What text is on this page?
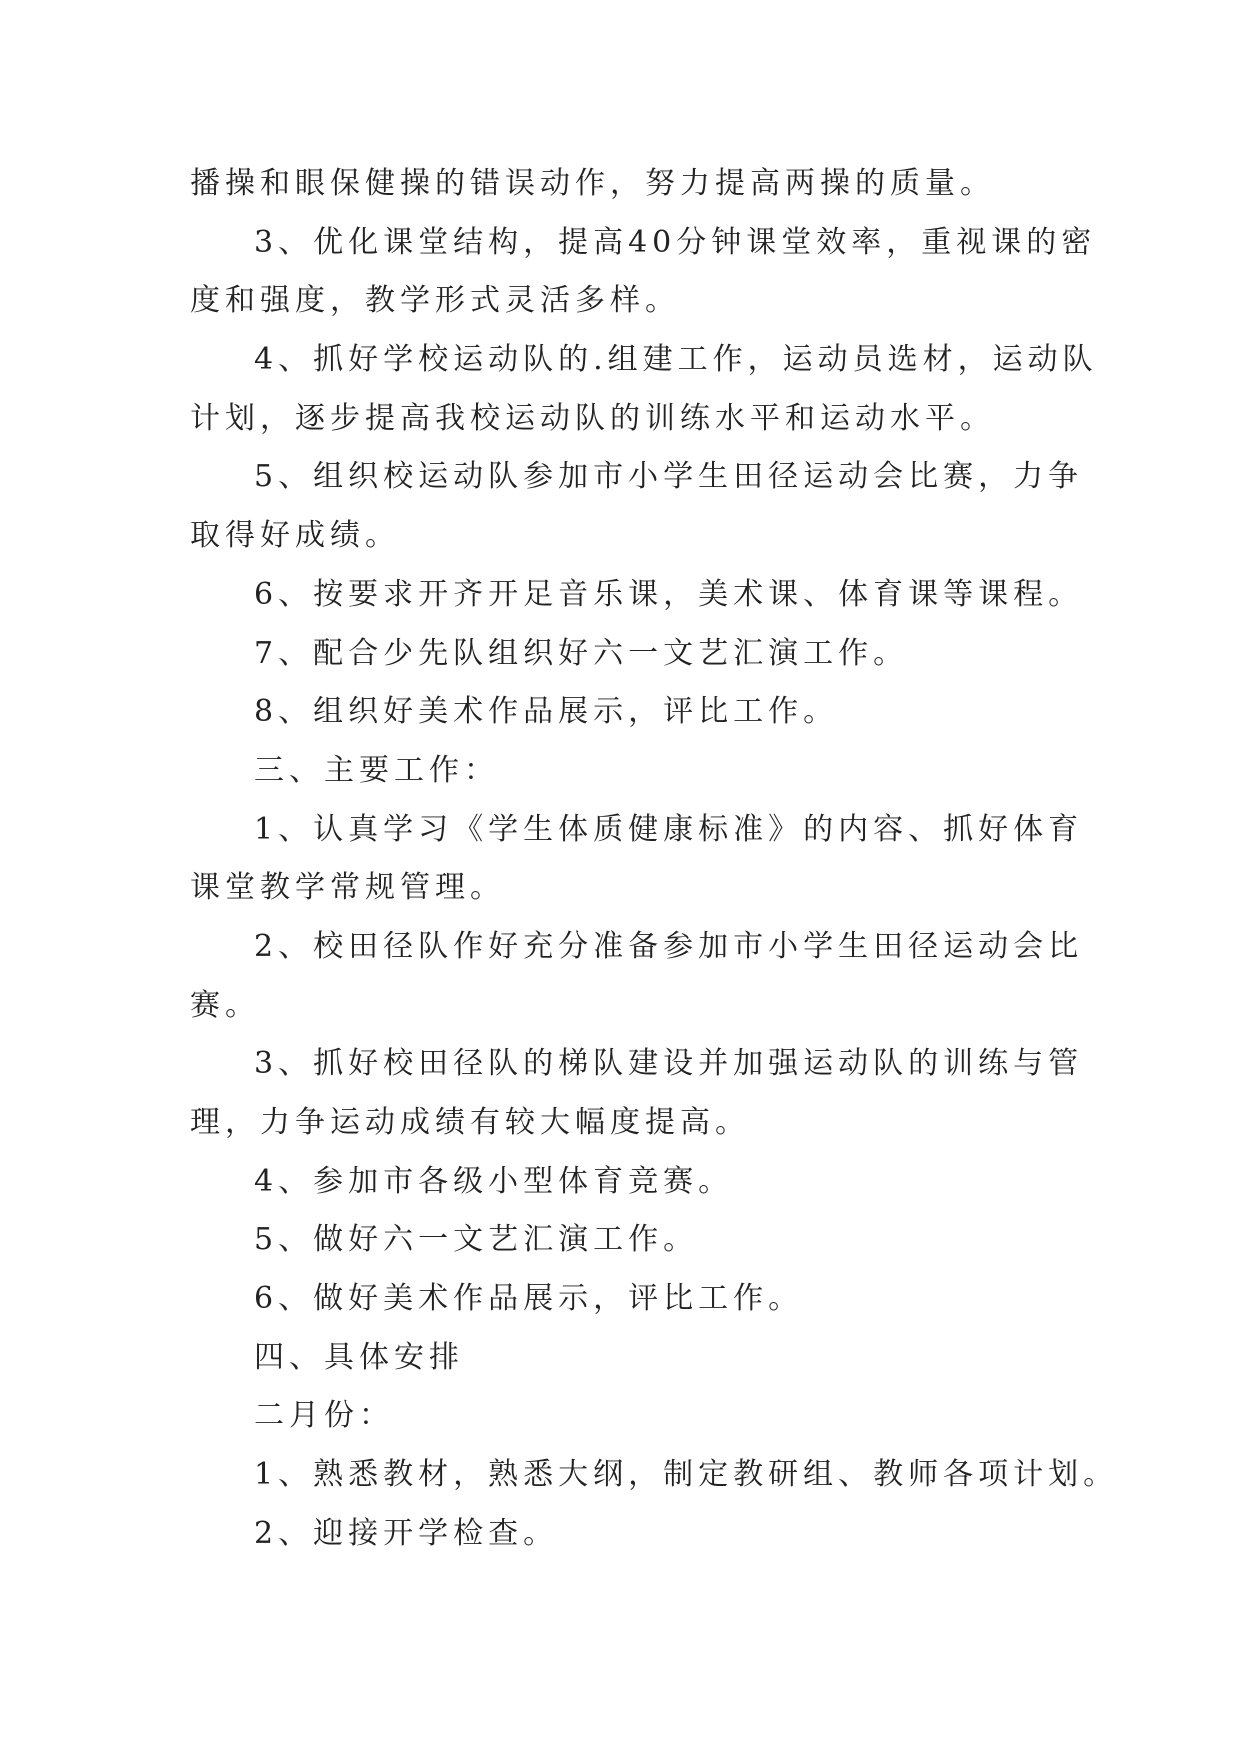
播操和眼保健操的错误动作，努力提高两操的质量。
3、优化课堂结构，提高40分钟课堂效率，重视课的密
度和强度，教学形式灵活多样。
4、抓好学校运动队的.组建工作，运动员选材，运动队
计划，逐步提高我校运动队的训练水平和运动水平。
5、组织校运动队参加市小学生田径运动会比赛，力争
取得好成绩。
6、按要求开齐开足音乐课，美术课、体育课等课程。
7、配合少先队组织好六一文艺汇演工作。
8、组织好美术作品展示，评比工作。
三、主要工作：
1、认真学习《学生体质健康标准》的内容、抓好体育
课堂教学常规管理。
2、校田径队作好充分准备参加市小学生田径运动会比
赛。
3、抓好校田径队的梯队建设并加强运动队的训练与管
理，力争运动成绩有较大幅度提高。
4、参加市各级小型体育竞赛。
5、做好六一文艺汇演工作。
6、做好美术作品展示，评比工作。
四、具体安排
二月份：
1、熟悉教材，熟悉大纲，制定教研组、教师各项计划。
2、迎接开学检查。
